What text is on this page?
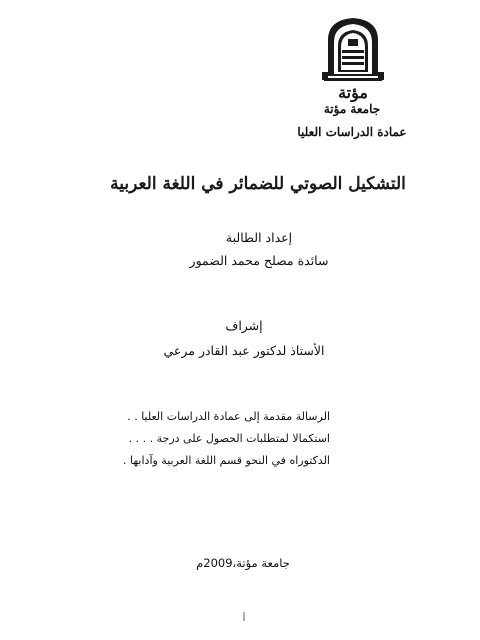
مؤتة
جامعة مؤتة
عمادة الدراسات العليا
التشكيل الصوتي للضمائر في اللغة العربية
إعداد الطالبة
سائدة مصلح محمد الضمور
إشراف
الأستاذ لدكتور عبد القادر مرعي
الرسالة مقدمة إلى عمادة الدراسات العليا . .
استكمالا لمتطلبات الحصول على درجة . . . .
الدكتوراه في النحو قسم اللغة العربية وآدابها .
جامعة مؤتة،2009م
أ
